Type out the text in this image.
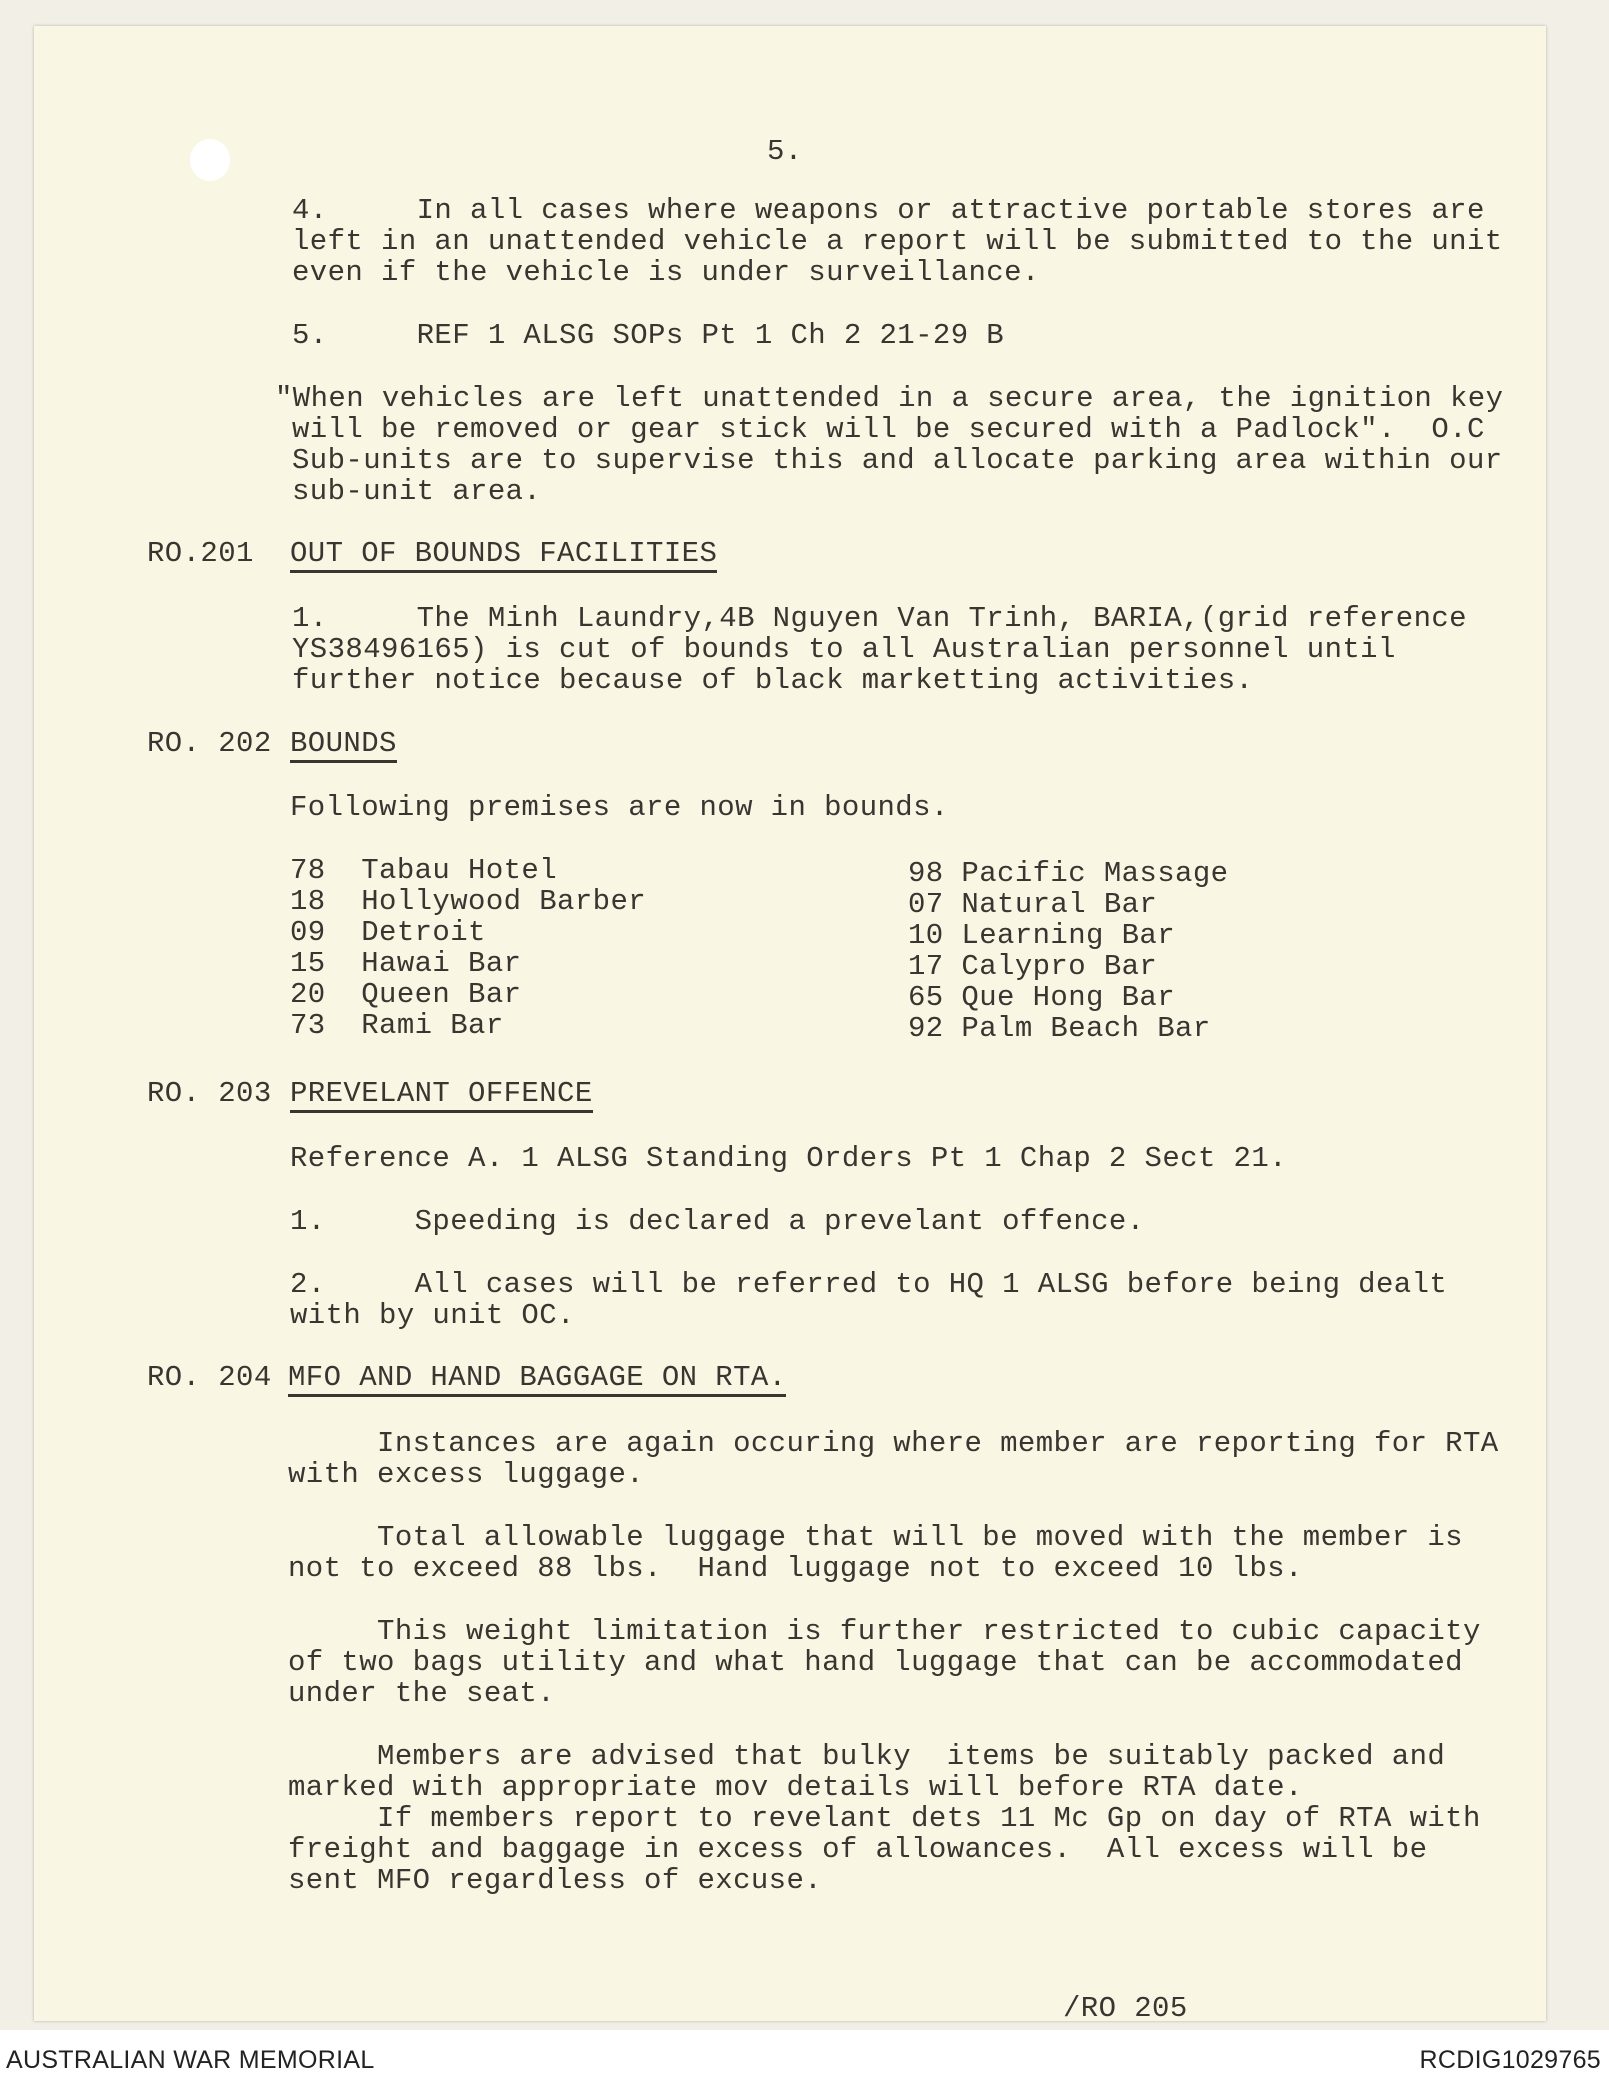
5.
4.     In all cases where weapons or attractive portable stores are
left in an unattended vehicle a report will be submitted to the unit
even if the vehicle is under surveillance.
5.     REF 1 ALSG SOPs Pt 1 Ch 2 21-29 B
"When vehicles are left unattended in a secure area, the ignition key
will be removed or gear stick will be secured with a Padlock".  O.C
Sub-units are to supervise this and allocate parking area within our
sub-unit area.
RO.201 OUT OF BOUNDS FACILITIES
1.     The Minh Laundry,4B Nguyen Van Trinh, BARIA,(grid reference
YS38496165) is cut of bounds to all Australian personnel until
further notice because of black marketting activities.
RO. 202 BOUNDS
Following premises are now in bounds.
78  Tabau Hotel
18  Hollywood Barber
09  Detroit
15  Hawai Bar
20  Queen Bar
73  Rami Bar
98 Pacific Massage
07 Natural Bar
10 Learning Bar
17 Calypro Bar
65 Que Hong Bar
92 Palm Beach Bar
RO. 203 PREVELANT OFFENCE
Reference A. 1 ALSG Standing Orders Pt 1 Chap 2 Sect 21.
1.     Speeding is declared a prevelant offence.
2.     All cases will be referred to HQ 1 ALSG before being dealt
with by unit OC.
RO. 204 MFO AND HAND BAGGAGE ON RTA.
Instances are again occuring where member are reporting for RTA
with excess luggage.
Total allowable luggage that will be moved with the member is
not to exceed 88 lbs.  Hand luggage not to exceed 10 lbs.
This weight limitation is further restricted to cubic capacity
of two bags utility and what hand luggage that can be accommodated
under the seat.
Members are advised that bulky  items be suitably packed and
marked with appropriate mov details will before RTA date.
If members report to revelant dets 11 Mc Gp on day of RTA with
freight and baggage in excess of allowances.  All excess will be
sent MFO regardless of excuse.
/RO 205
AUSTRALIAN WAR MEMORIAL	RCDIG1029765
